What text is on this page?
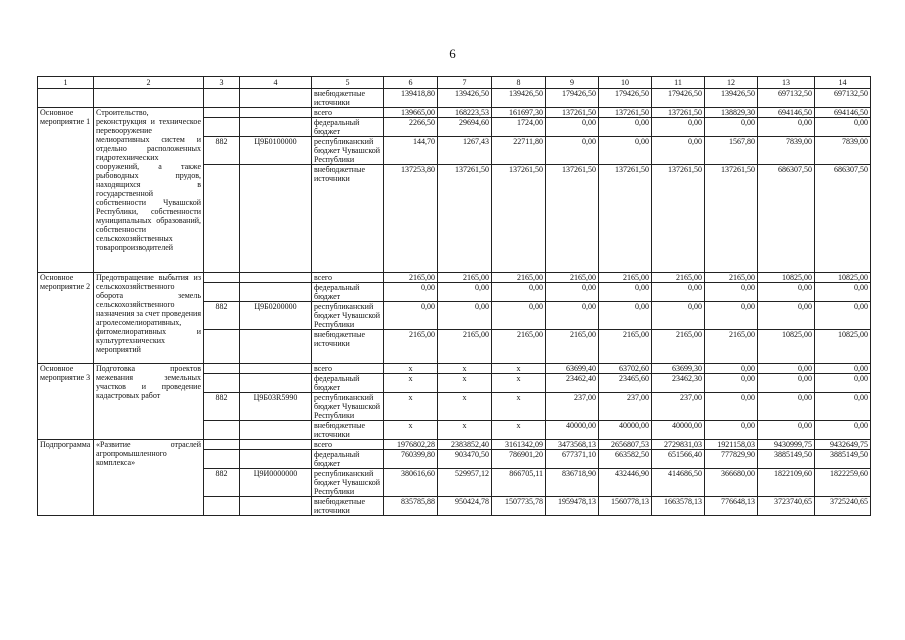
6
1	2	3	4	5	6	7	8	9	10	11	12	13	14
				внебюджетные источники	139418,80	139426,50	139426,50	179426,50	179426,50	179426,50	139426,50	697132,50	697132,50
Основное мероприятие 1	Строительство, реконструкция и техническое перевооружение мелиоративных систем и отдельно расположенных гидротехнических сооружений, а также рыбоводных прудов, находящихся в государственной собственности Чувашской Республики, собственности муниципальных образований, собственности сельскохозяйственных товаропроизводителей			всего	139665,00	168223,53	161697,30	137261,50	137261,50	137261,50	138829,30	694146,50	694146,50
				федеральный бюджет	2266,50	29694,60	1724,00	0,00	0,00	0,00	0,00	0,00	0,00
		882	Ц9Б0100000	республиканский бюджет Чувашской Республики	144,70	1267,43	22711,80	0,00	0,00	0,00	1567,80	7839,00	7839,00
				внебюджетные источники	137253,80	137261,50	137261,50	137261,50	137261,50	137261,50	137261,50	686307,50	686307,50
Основное мероприятие 2	Предотвращение выбытия из сельскохозяйственного оборота земель сельскохозяйственного назначения за счет проведения агролесомелиоративных, фитомелиоративных и культуртехнических мероприятий			всего	2165,00	2165,00	2165,00	2165,00	2165,00	2165,00	2165,00	10825,00	10825,00
				федеральный бюджет	0,00	0,00	0,00	0,00	0,00	0,00	0,00	0,00	0,00
		882	Ц9Б0200000	республиканский бюджет Чувашской Республики	0,00	0,00	0,00	0,00	0,00	0,00	0,00	0,00	0,00
				внебюджетные источники	2165,00	2165,00	2165,00	2165,00	2165,00	2165,00	2165,00	10825,00	10825,00
Основное мероприятие 3	Подготовка проектов межевания земельных участков и проведение кадастровых работ			всего	х	х	х	63699,40	63702,60	63699,30	0,00	0,00	0,00
				федеральный бюджет	х	х	х	23462,40	23465,60	23462,30	0,00	0,00	0,00
		882	Ц9Б03R5990	республиканский бюджет Чувашской Республики	х	х	х	237,00	237,00	237,00	0,00	0,00	0,00
				внебюджетные источники	х	х	х	40000,00	40000,00	40000,00	0,00	0,00	0,00
Подпрограмма	«Развитие отраслей агропромышленного комплекса»			всего	1976802,28	2383852,40	3161342,09	3473568,13	2656807,53	2729831,03	1921158,03	9430999,75	9432649,75
				федеральный бюджет	760399,80	903470,50	786901,20	677371,10	663582,50	651566,40	777829,90	3885149,50	3885149,50
		882	Ц9И0000000	республиканский бюджет Чувашской Республики	380616,60	529957,12	866705,11	836718,90	432446,90	414686,50	366680,00	1822109,60	1822259,60
				внебюджетные источники	835785,88	950424,78	1507735,78	1959478,13	1560778,13	1663578,13	776648,13	3723740,65	3725240,65
